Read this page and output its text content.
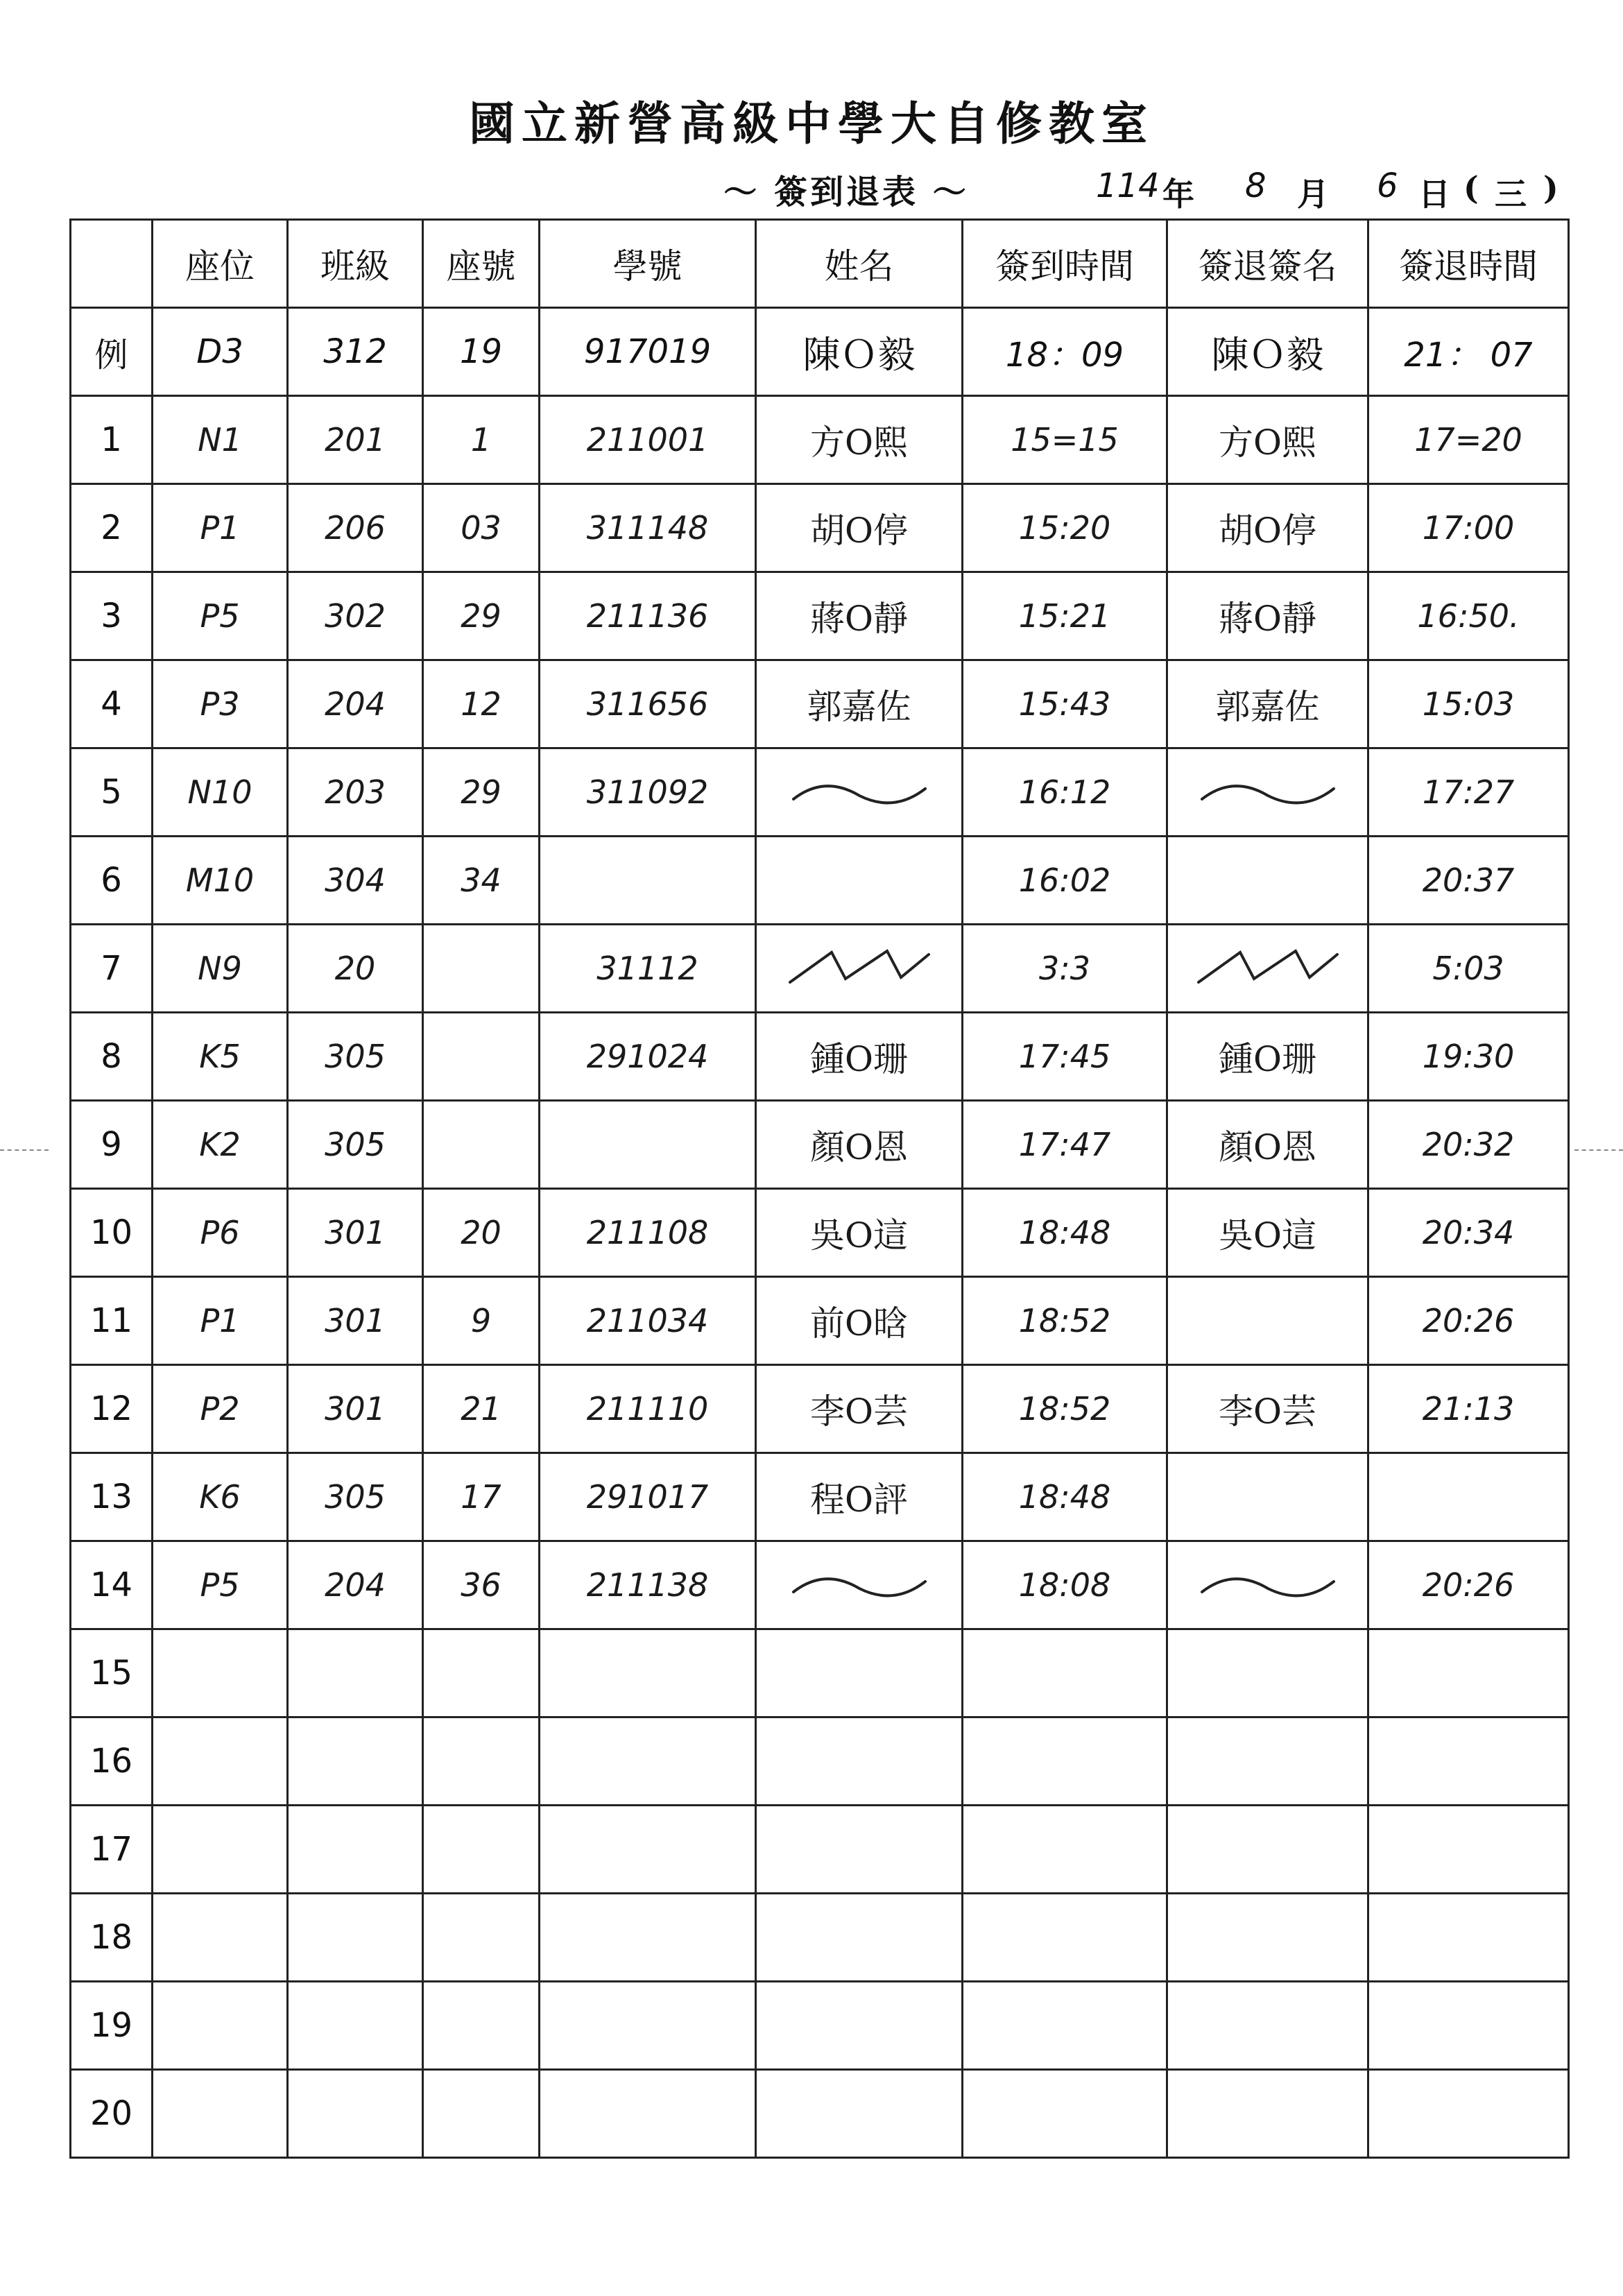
國立新營高級中學大自修教室
～ 簽到退表 ～	114 年 8 月 6 日 ( 三 )
	座位	班級	座號	學號	姓名	簽到時間	簽退簽名	簽退時間
例	D3	312	19	917019	陳Ｏ毅	18：09	陳Ｏ毅	21： 07
1	N1	201	1	211001	方O熙	15=15	方O熙	17=20
2	P1	206	03	311148	胡O停	15:20	胡O停	17:00
3	P5	302	29	211136	蔣O靜	15:21	蔣O靜	16:50.
4	P3	204	12	311656	郭嘉佐	15:43	郭嘉佐	15:03
5	N10	203	29	311092		16:12		17:27
6	M10	304	34			16:02		20:37
7	N9	20		31112		3:3		5:03
8	K5	305		291024	鍾O珊	17:45	鍾O珊	19:30
9	K2	305			顏O恩	17:47	顏O恩	20:32
10	P6	301	20	211108	吳O這	18:48	吳O這	20:34
11	P1	301	9	211034	前O晗	18:52		20:26
12	P2	301	21	211110	李O芸	18:52	李O芸	21:13
13	K6	305	17	291017	程O評	18:48		
14	P5	204	36	211138		18:08		20:26
15								
16								
17								
18								
19								
20								
